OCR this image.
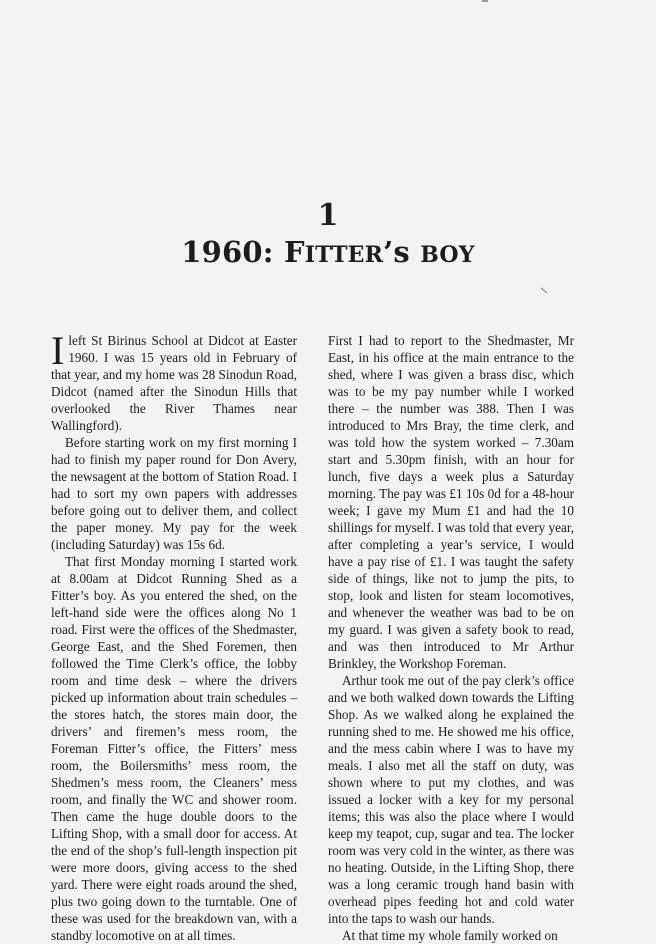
1
1960: FITTER’s BOY

I left St Birinus School at Didcot at Easter 1960. I was 15 years old in February of that year, and my home was 28 Sinodun Road, Didcot (named after the Sinodun Hills that overlooked the River Thames near Wallingford).

Before starting work on my first morning I had to finish my paper round for Don Avery, the newsagent at the bottom of Station Road. I had to sort my own papers with addresses before going out to deliver them, and collect the paper money. My pay for the week (including Saturday) was 15s 6d.

That first Monday morning I started work at 8.00am at Didcot Running Shed as a Fitter’s boy. As you entered the shed, on the left-hand side were the offices along No 1 road. First were the offices of the Shedmaster, George East, and the Shed Foremen, then followed the Time Clerk’s office, the lobby room and time desk – where the drivers picked up information about train schedules – the stores hatch, the stores main door, the drivers’ and firemen’s mess room, the Foreman Fitter’s office, the Fitters’ mess room, the Boilersmiths’ mess room, the Shedmen’s mess room, the Cleaners’ mess room, and finally the WC and shower room. Then came the huge double doors to the Lifting Shop, with a small door for access. At the end of the shop’s full-length inspection pit were more doors, giving access to the shed yard. There were eight roads around the shed, plus two going down to the turntable. One of these was used for the breakdown van, with a standby locomotive on at all times.

First I had to report to the Shedmaster, Mr East, in his office at the main entrance to the shed, where I was given a brass disc, which was to be my pay number while I worked there – the number was 388. Then I was introduced to Mrs Bray, the time clerk, and was told how the system worked – 7.30am start and 5.30pm finish, with an hour for lunch, five days a week plus a Saturday morning. The pay was £1 10s 0d for a 48-hour week; I gave my Mum £1 and had the 10 shillings for myself. I was told that every year, after completing a year’s service, I would have a pay rise of £1. I was taught the safety side of things, like not to jump the pits, to stop, look and listen for steam locomotives, and whenever the weather was bad to be on my guard. I was given a safety book to read, and was then introduced to Mr Arthur Brinkley, the Workshop Foreman.

Arthur took me out of the pay clerk’s office and we both walked down towards the Lifting Shop. As we walked along he explained the running shed to me. He showed me his office, and the mess cabin where I was to have my meals. I also met all the staff on duty, was shown where to put my clothes, and was issued a locker with a key for my personal items; this was also the place where I would keep my teapot, cup, sugar and tea. The locker room was very cold in the winter, as there was no heating. Outside, in the Lifting Shop, there was a long ceramic trough hand basin with overhead pipes feeding hot and cold water into the taps to wash our hands.

At that time my whole family worked on
